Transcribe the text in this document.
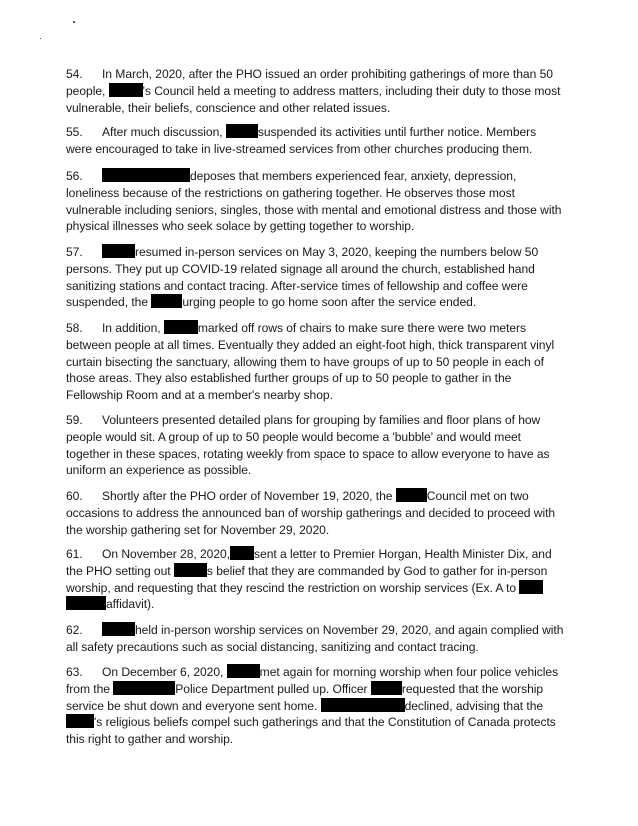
54. In March, 2020, after the PHO issued an order prohibiting gatherings of more than 50 people,	's Council held a meeting to address matters, including their duty to those most vulnerable, their beliefs, conscience and other related issues.

55. After much discussion,	suspended its activities until further notice. Members were encouraged to take in live-streamed services from other churches producing them.

56.	deposes that members experienced fear, anxiety, depression, loneliness because of the restrictions on gathering together. He observes those most vulnerable including seniors, singles, those with mental and emotional distress and those with physical illnesses who seek solace by getting together to worship.

57.	resumed in-person services on May 3, 2020, keeping the numbers below 50 persons. They put up COVID-19 related signage all around the church, established hand sanitizing stations and contact tracing. After-service times of fellowship and coffee were suspended, the	urging people to go home soon after the service ended.

58. In addition,	marked off rows of chairs to make sure there were two meters between people at all times. Eventually they added an eight-foot high, thick transparent vinyl curtain bisecting the sanctuary, allowing them to have groups of up to 50 people in each of those areas. They also established further groups of up to 50 people to gather in the Fellowship Room and at a member's nearby shop.

59. Volunteers presented detailed plans for grouping by families and floor plans of how people would sit. A group of up to 50 people would become a 'bubble' and would meet together in these spaces, rotating weekly from space to space to allow everyone to have as uniform an experience as possible.

60. Shortly after the PHO order of November 19, 2020, the	Council met on two occasions to address the announced ban of worship gatherings and decided to proceed with the worship gathering set for November 29, 2020.

61. On November 28, 2020, sent a letter to Premier Horgan, Health Minister Dix, and the PHO setting out	s belief that they are commanded by God to gather for in-person worship, and requesting that they rescind the restriction on worship services (Ex. A to  affidavit).

62.	held in-person worship services on November 29, 2020, and again complied with all safety precautions such as social distancing, sanitizing and contact tracing.

63. On December 6, 2020,	met again for morning worship when four police vehicles from the	Police Department pulled up. Officer	requested that the worship service be shut down and everyone sent home.	declined, advising that the 's religious beliefs compel such gatherings and that the Constitution of Canada protects this right to gather and worship.
